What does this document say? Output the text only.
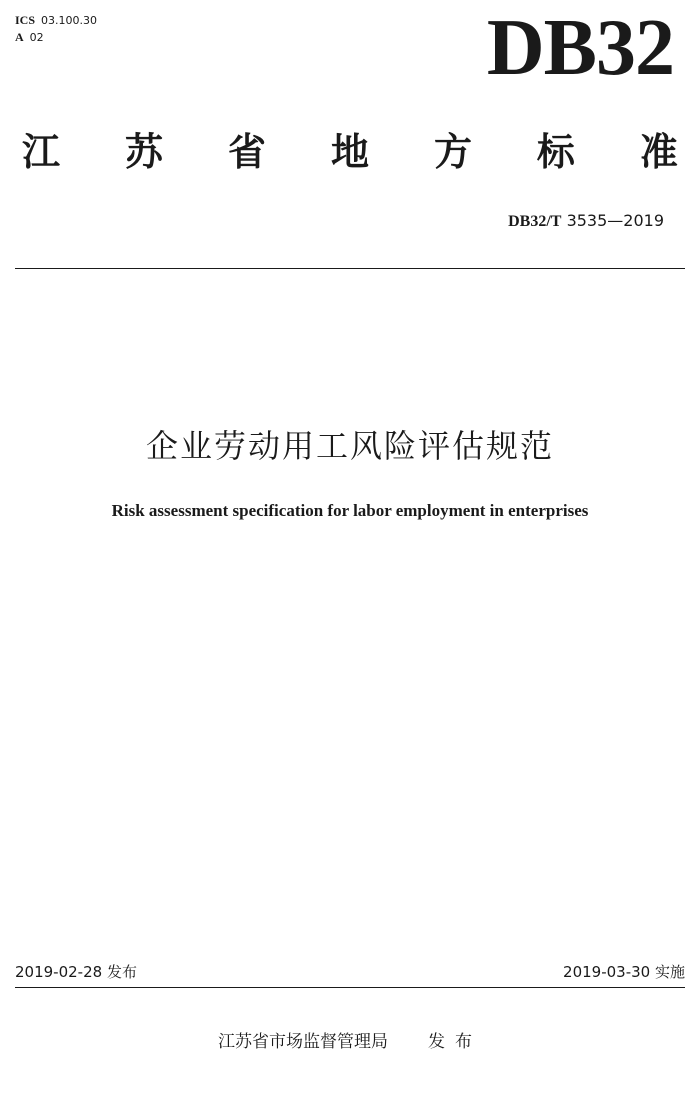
ICS 03.100.30
A 02	DB32
江 苏 省 地 方 标 准
DB32/T 3535—2019
企业劳动用工风险评估规范
Risk assessment specification for labor employment in enterprises
2019-02-28 发布	2019-03-30 实施
江苏省市场监督管理局 发布
